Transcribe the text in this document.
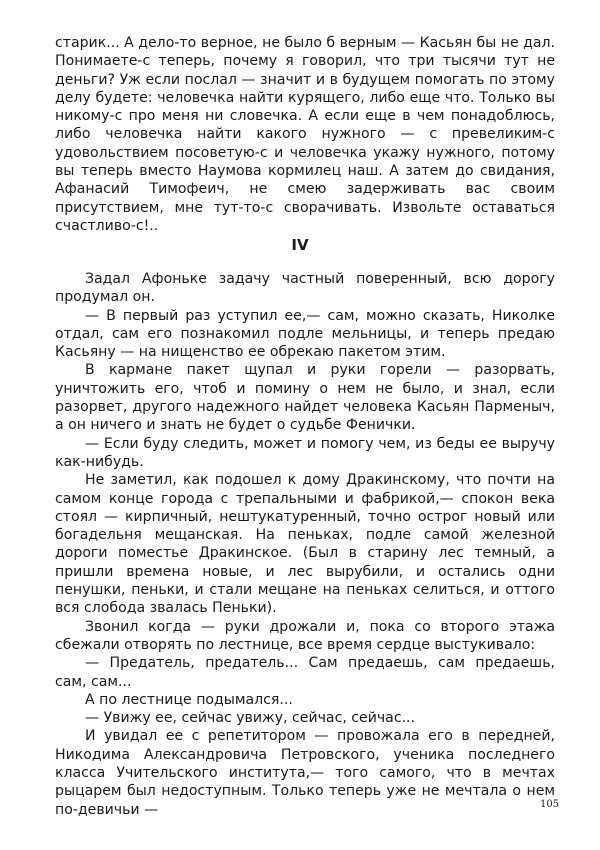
старик... А дело-то верное, не было б верным — Касьян бы не дал. Понимаете-с теперь, почему я говорил, что три тысячи тут не деньги? Уж если послал — значит и в будущем помогать по этому делу будете: человечка найти курящего, либо еще что. Только вы никому-с про меня ни словечка. А если еще в чем понадоблюсь, либо человечка найти какого нужного — с превеликим-с удовольствием посоветую-с и человечка укажу нужного, потому вы теперь вместо Наумова кормилец наш. А затем до свидания, Афанасий Тимофеич, не смею задерживать вас своим присутствием, мне тут-то-с сворачивать. Извольте оставаться счастливо-с!..

IV

Задал Афоньке задачу частный поверенный, всю дорогу продумал он.

— В первый раз уступил ее,— сам, можно сказать, Николке отдал, сам его познакомил подле мельницы, и теперь предаю Касьяну — на нищенство ее обрекаю пакетом этим.

В кармане пакет щупал и руки горели — разорвать, уничтожить его, чтоб и помину о нем не было, и знал, если разорвет, другого надежного найдет человека Касьян Парменыч, а он ничего и знать не будет о судьбе Фенички.

— Если буду следить, может и помогу чем, из беды ее выручу как-нибудь.

Не заметил, как подошел к дому Дракинскому, что почти на самом конце города с трепальными и фабрикой,— спокон века стоял — кирпичный, нештукатуренный, точно острог новый или богадельня мещанская. На пеньках, подле самой железной дороги поместье Дракинское. (Был в старину лес темный, а пришли времена новые, и лес вырубили, и остались одни пенушки, пеньки, и стали мещане на пеньках селиться, и оттого вся слобода звалась Пеньки).

Звонил когда — руки дрожали и, пока со второго этажа сбежали отворять по лестнице, все время сердце выстукивало:

— Предатель, предатель... Сам предаешь, сам предаешь, сам, сам...

А по лестнице подымался...

— Увижу ее, сейчас увижу, сейчас, сейчас...

И увидал ее с репетитором — провожала его в передней, Никодима Александровича Петровского, ученика последнего класса Учительского института,— того самого, что в мечтах рыцарем был недоступным. Только теперь уже не мечтала о нем по-девичьи —	105
